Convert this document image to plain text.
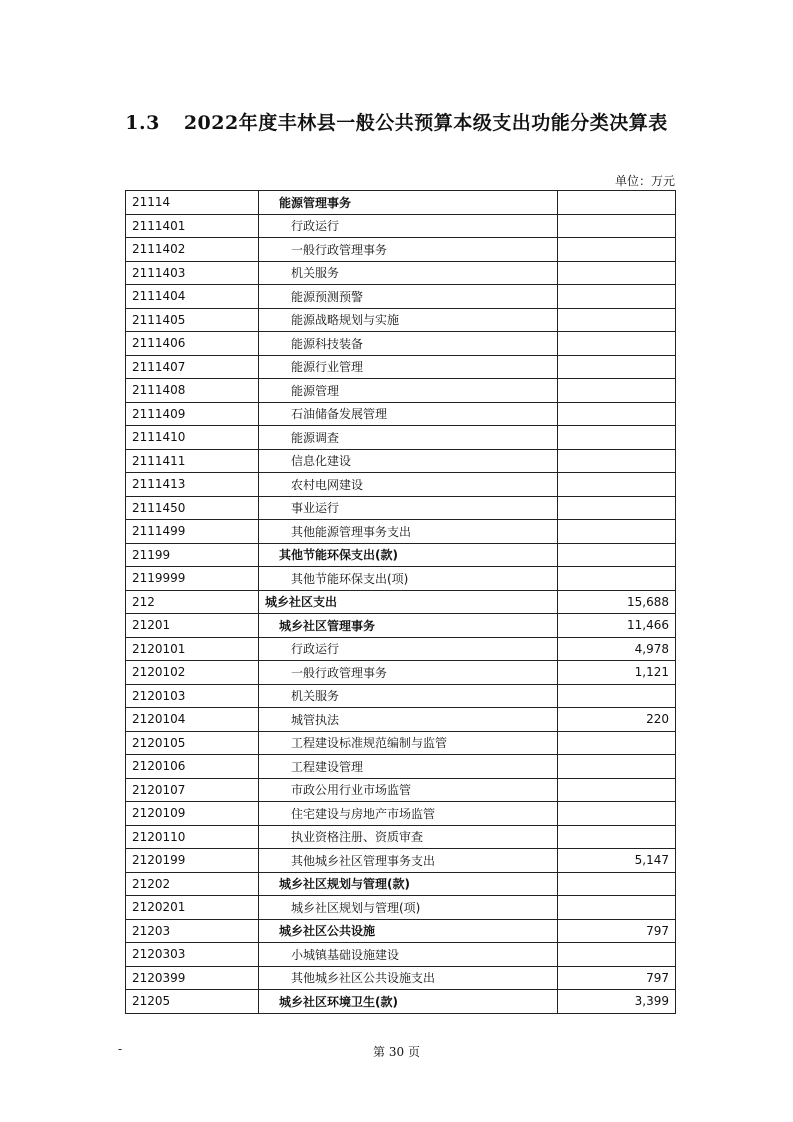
1.3 2022年度丰林县一般公共预算本级支出功能分类决算表
单位：万元
21114	能源管理事务	
2111401	行政运行	
2111402	一般行政管理事务	
2111403	机关服务	
2111404	能源预测预警	
2111405	能源战略规划与实施	
2111406	能源科技装备	
2111407	能源行业管理	
2111408	能源管理	
2111409	石油储备发展管理	
2111410	能源调查	
2111411	信息化建设	
2111413	农村电网建设	
2111450	事业运行	
2111499	其他能源管理事务支出	
21199	其他节能环保支出(款)	
2119999	其他节能环保支出(项)	
212	城乡社区支出	15,688
21201	城乡社区管理事务	11,466
2120101	行政运行	4,978
2120102	一般行政管理事务	1,121
2120103	机关服务	
2120104	城管执法	220
2120105	工程建设标准规范编制与监管	
2120106	工程建设管理	
2120107	市政公用行业市场监管	
2120109	住宅建设与房地产市场监管	
2120110	执业资格注册、资质审查	
2120199	其他城乡社区管理事务支出	5,147
21202	城乡社区规划与管理(款)	
2120201	城乡社区规划与管理(项)	
21203	城乡社区公共设施	797
2120303	小城镇基础设施建设	
2120399	其他城乡社区公共设施支出	797
21205	城乡社区环境卫生(款)	3,399
-	第 30 页
